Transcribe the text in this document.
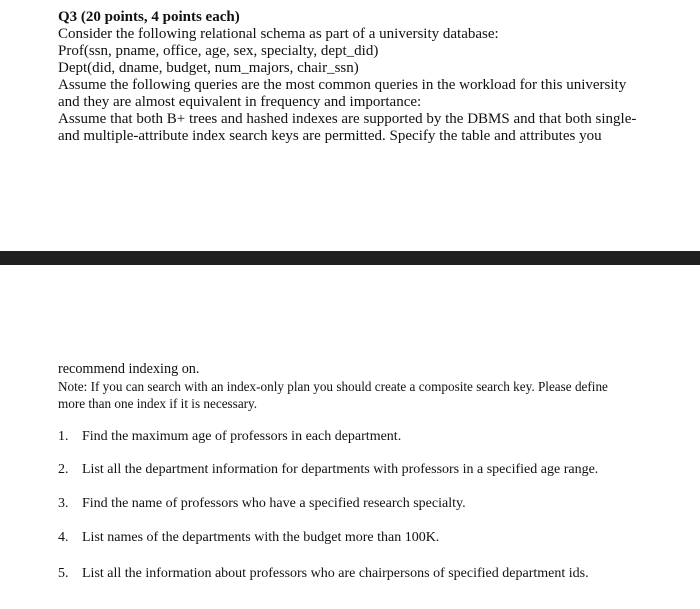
Q3 (20 points, 4 points each)
Consider the following relational schema as part of a university database:
Prof(ssn, pname, office, age, sex, specialty, dept_did)
Dept(did, dname, budget, num_majors, chair_ssn)
Assume the following queries are the most common queries in the workload for this university
and they are almost equivalent in frequency and importance:
Assume that both B+ trees and hashed indexes are supported by the DBMS and that both single-
and multiple-attribute index search keys are permitted. Specify the table and attributes you
recommend indexing on.
Note: If you can search with an index-only plan you should create a composite search key. Please define
more than one index if it is necessary.
1. Find the maximum age of professors in each department.
2. List all the department information for departments with professors in a specified age range.
3. Find the name of professors who have a specified research specialty.
4. List names of the departments with the budget more than 100K.
5. List all the information about professors who are chairpersons of specified department ids.
